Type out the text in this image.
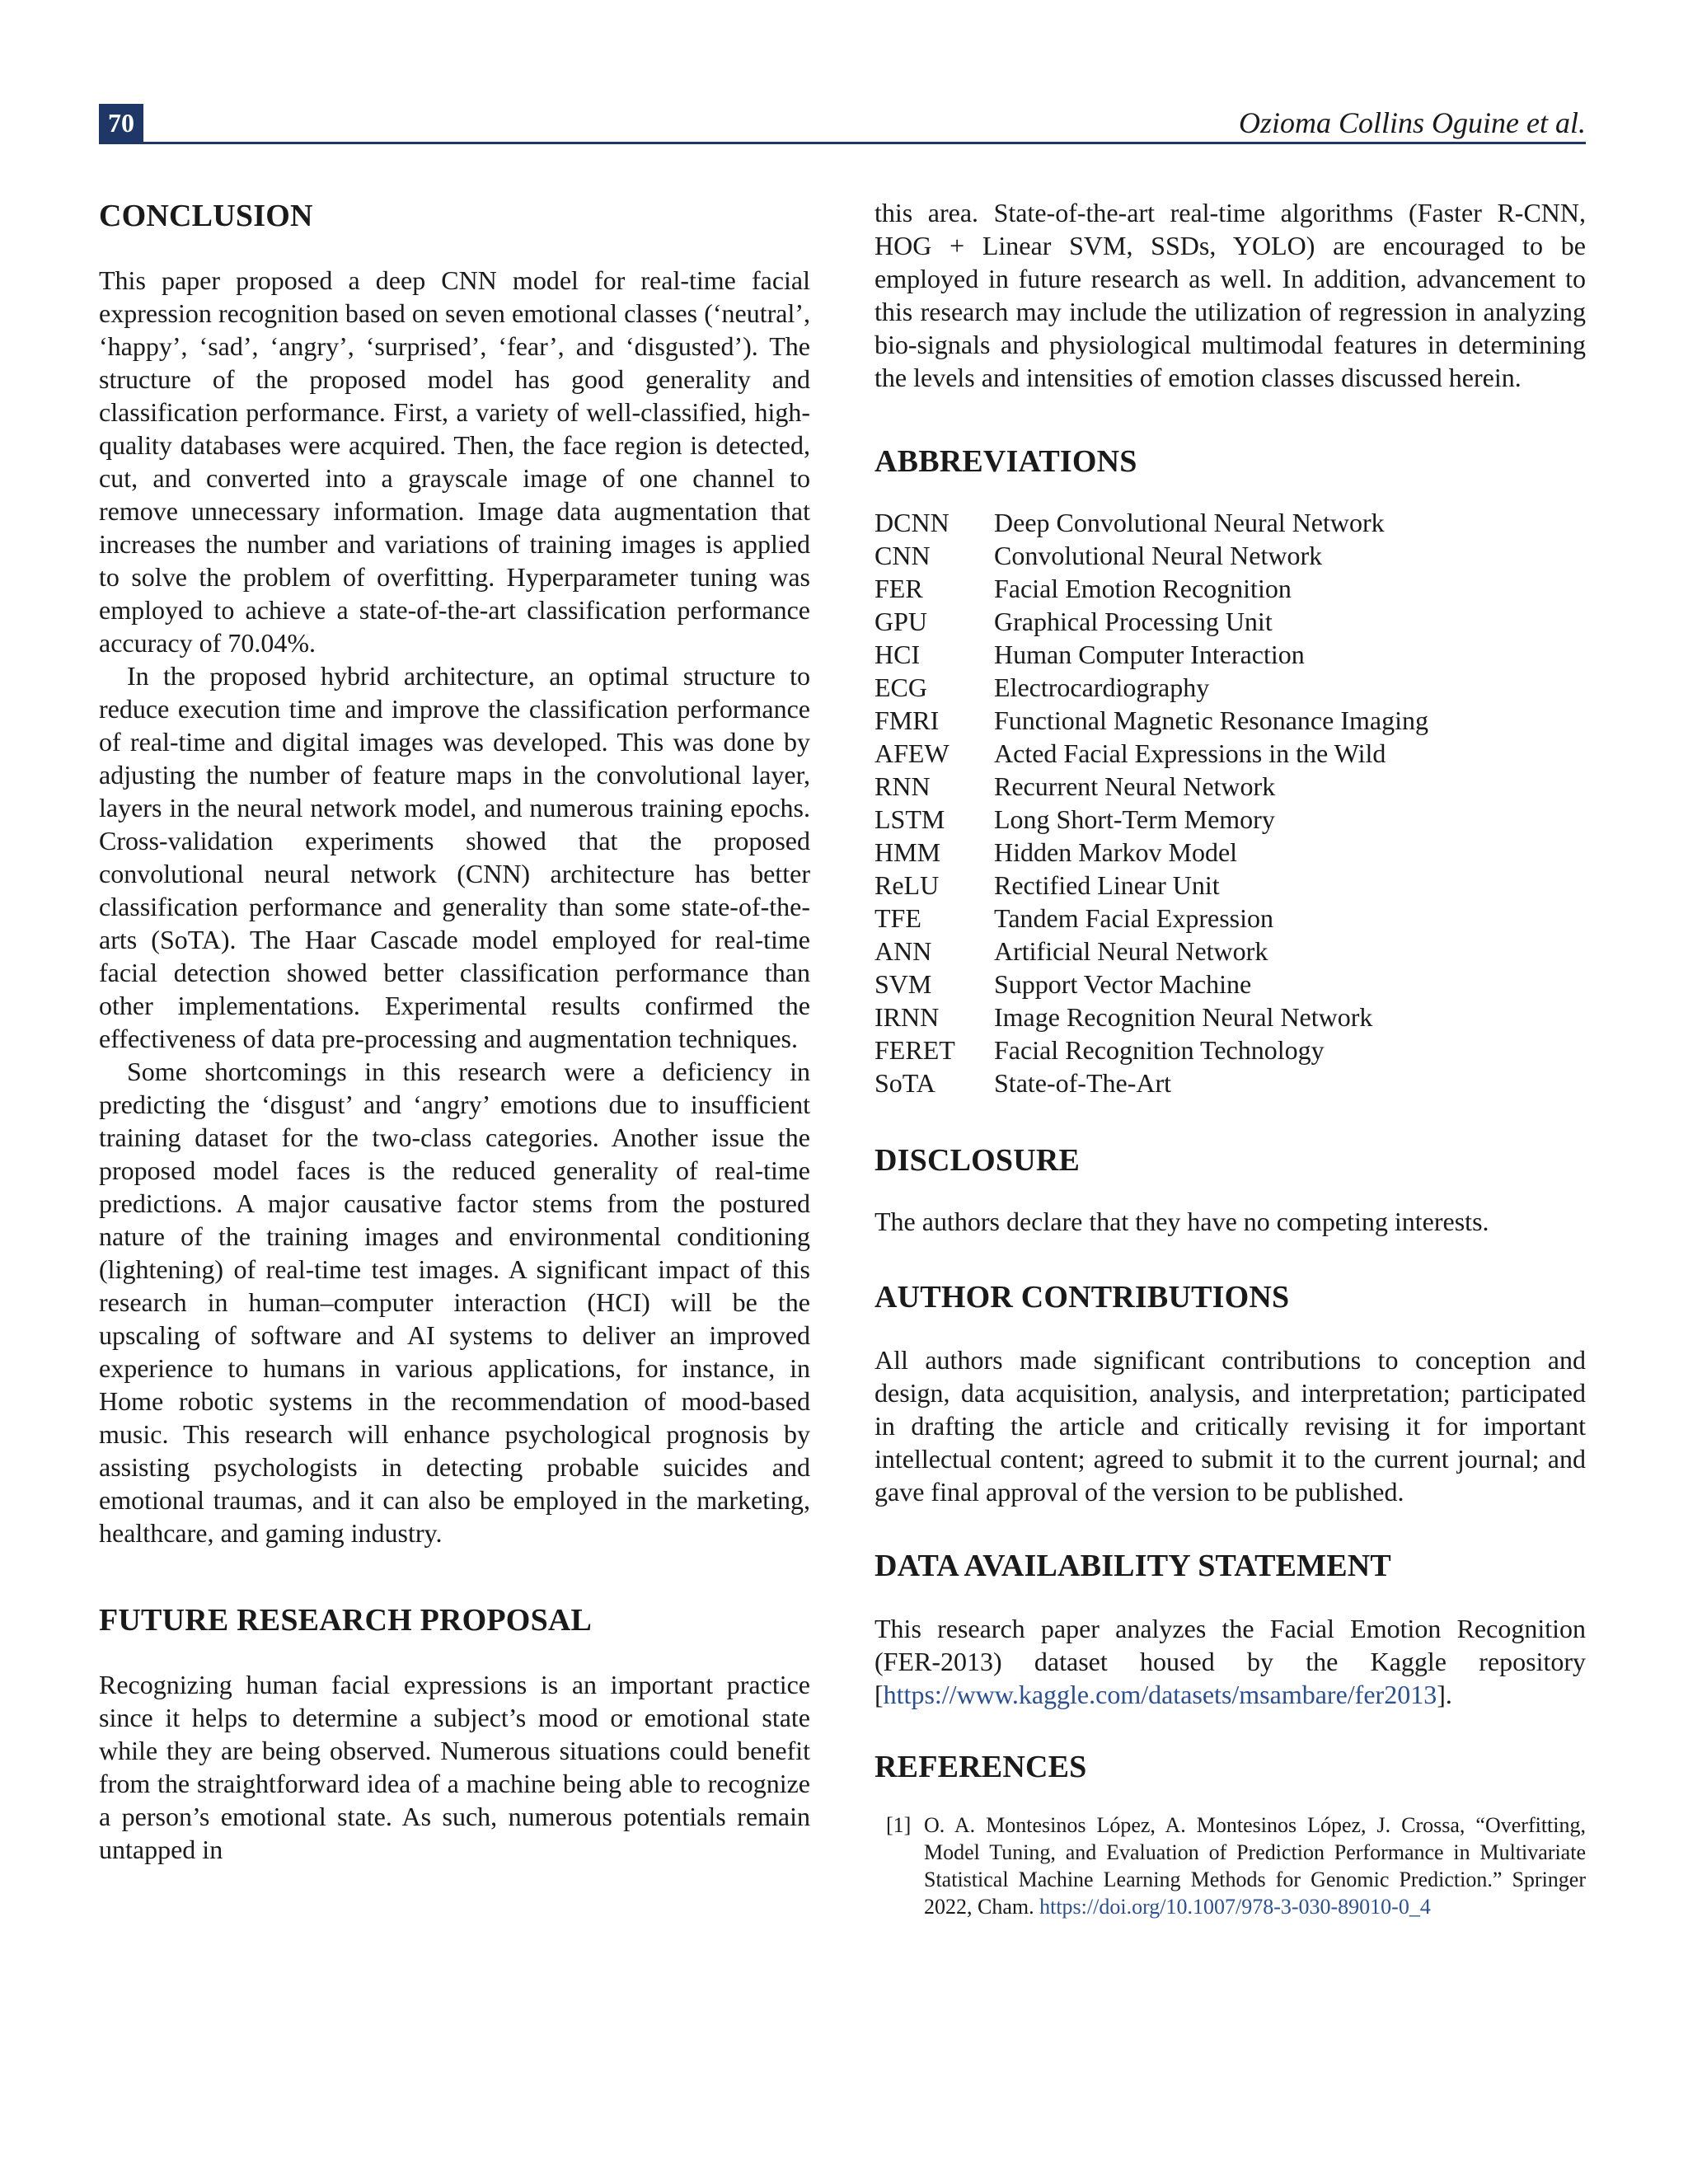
70	Ozioma Collins Oguine et al.
CONCLUSION

This paper proposed a deep CNN model for real-time facial expression recognition based on seven emotional classes (‘neutral’, ‘happy’, ‘sad’, ‘angry’, ‘surprised’, ‘fear’, and ‘disgusted’). The structure of the proposed model has good generality and classification performance. First, a variety of well-classified, high-quality databases were acquired. Then, the face region is detected, cut, and converted into a grayscale image of one channel to remove unnecessary information. Image data augmentation that increases the number and variations of training images is applied to solve the problem of overfitting. Hyperparameter tuning was employed to achieve a state-of-the-art classification performance accuracy of 70.04%.

In the proposed hybrid architecture, an optimal structure to reduce execution time and improve the classification performance of real-time and digital images was developed. This was done by adjusting the number of feature maps in the convolutional layer, layers in the neural network model, and numerous training epochs. Cross-validation experiments showed that the proposed convolutional neural network (CNN) architecture has better classification performance and generality than some state-of-the-arts (SoTA). The Haar Cascade model employed for real-time facial detection showed better classification performance than other implementations. Experimental results confirmed the effectiveness of data pre-processing and augmentation techniques.

Some shortcomings in this research were a deficiency in predicting the ‘disgust’ and ‘angry’ emotions due to insufficient training dataset for the two-class categories. Another issue the proposed model faces is the reduced generality of real-time predictions. A major causative factor stems from the postured nature of the training images and environmental conditioning (lightening) of real-time test images. A significant impact of this research in human–computer interaction (HCI) will be the upscaling of software and AI systems to deliver an improved experience to humans in various applications, for instance, in Home robotic systems in the recommendation of mood-based music. This research will enhance psychological prognosis by assisting psychologists in detecting probable suicides and emotional traumas, and it can also be employed in the marketing, healthcare, and gaming industry.

FUTURE RESEARCH PROPOSAL

Recognizing human facial expressions is an important practice since it helps to determine a subject’s mood or emotional state while they are being observed. Numerous situations could benefit from the straightforward idea of a machine being able to recognize a person’s emotional state. As such, numerous potentials remain untapped in

this area. State-of-the-art real-time algorithms (Faster R-CNN, HOG + Linear SVM, SSDs, YOLO) are encouraged to be employed in future research as well. In addition, advancement to this research may include the utilization of regression in analyzing bio-signals and physiological multimodal features in determining the levels and intensities of emotion classes discussed herein.

ABBREVIATIONS
DCNN	Deep Convolutional Neural Network
CNN	Convolutional Neural Network
FER	Facial Emotion Recognition
GPU	Graphical Processing Unit
HCI	Human Computer Interaction
ECG	Electrocardiography
FMRI	Functional Magnetic Resonance Imaging
AFEW	Acted Facial Expressions in the Wild
RNN	Recurrent Neural Network
LSTM	Long Short-Term Memory
HMM	Hidden Markov Model
ReLU	Rectified Linear Unit
TFE	Tandem Facial Expression
ANN	Artificial Neural Network
SVM	Support Vector Machine
IRNN	Image Recognition Neural Network
FERET	Facial Recognition Technology
SoTA	State-of-The-Art
DISCLOSURE

The authors declare that they have no competing interests.

AUTHOR CONTRIBUTIONS

All authors made significant contributions to conception and design, data acquisition, analysis, and interpretation; participated in drafting the article and critically revising it for important intellectual content; agreed to submit it to the current journal; and gave final approval of the version to be published.

DATA AVAILABILITY STATEMENT

This research paper analyzes the Facial Emotion Recognition (FER-2013) dataset housed by the Kaggle repository [https://www.kaggle.com/datasets/msambare/fer2013].

REFERENCES
[1] O. A. Montesinos López, A. Montesinos López, J. Crossa, “Overfitting, Model Tuning, and Evaluation of Prediction Performance in Multivariate Statistical Machine Learning Methods for Genomic Prediction.” Springer 2022, Cham. https://doi.org/10.1007/978-3-030-89010-0_4
